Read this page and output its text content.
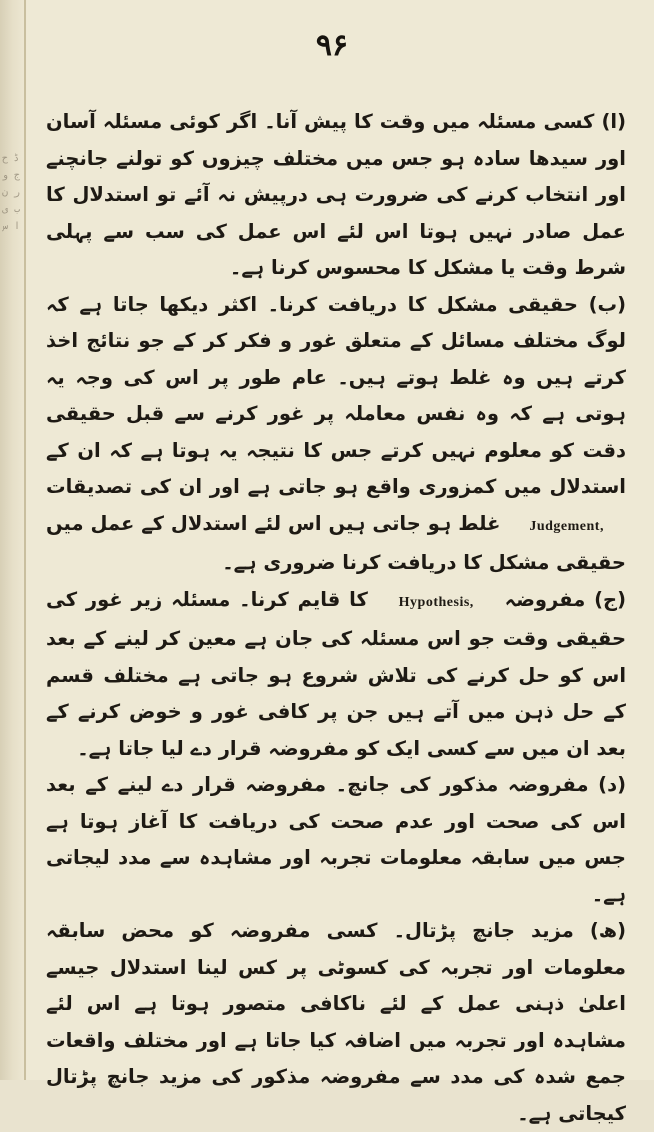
ڈ ح ج و ر ن ب ی ا س
۹۶

(ا) کسی مسئلہ میں وقت کا پیش آنا۔ اگر کوئی مسئلہ آسان اور سیدھا سادہ ہو جس میں مختلف چیزوں کو تولنے جانچنے اور انتخاب کرنے کی ضرورت ہی درپیش نہ آئے تو استدلال کا عمل صادر نہیں ہوتا اس لئے اس عمل کی سب سے پہلی شرط وقت یا مشکل کا محسوس کرنا ہے۔

(ب) حقیقی مشکل کا دریافت کرنا۔ اکثر دیکھا جاتا ہے کہ لوگ مختلف مسائل کے متعلق غور و فکر کر کے جو نتائج اخذ کرتے ہیں وہ غلط ہوتے ہیں۔ عام طور پر اس کی وجہ یہ ہوتی ہے کہ وہ نفس معاملہ پر غور کرنے سے قبل حقیقی دقت کو معلوم نہیں کرتے جس کا نتیجہ یہ ہوتا ہے کہ ان کے استدلال میں کمزوری واقع ہو جاتی ہے اور ان کی تصدیقات Judgement, غلط ہو جاتی ہیں اس لئے استدلال کے عمل میں حقیقی مشکل کا دریافت کرنا ضروری ہے۔

(ج) مفروضہ Hypothesis, کا قایم کرنا۔ مسئلہ زیر غور کی حقیقی وقت جو اس مسئلہ کی جان ہے معین کر لینے کے بعد اس کو حل کرنے کی تلاش شروع ہو جاتی ہے مختلف قسم کے حل ذہن میں آتے ہیں جن پر کافی غور و خوض کرنے کے بعد ان میں سے کسی ایک کو مفروضہ قرار دے لیا جاتا ہے۔

(د) مفروضہ مذکور کی جانچ۔ مفروضہ قرار دے لینے کے بعد اس کی صحت اور عدم صحت کی دریافت کا آغاز ہوتا ہے جس میں سابقہ معلومات تجربہ اور مشاہدہ سے مدد لیجاتی ہے۔

(ھ) مزید جانچ پڑتال۔ کسی مفروضہ کو محض سابقہ معلومات اور تجربہ کی کسوٹی پر کس لینا استدلال جیسے اعلیٰ ذہنی عمل کے لئے ناکافی متصور ہوتا ہے اس لئے مشاہدہ اور تجربہ میں اضافہ کیا جاتا ہے اور مختلف واقعات جمع شدہ کی مدد سے مفروضہ مذکور کی مزید جانچ پڑتال کیجاتی ہے۔
